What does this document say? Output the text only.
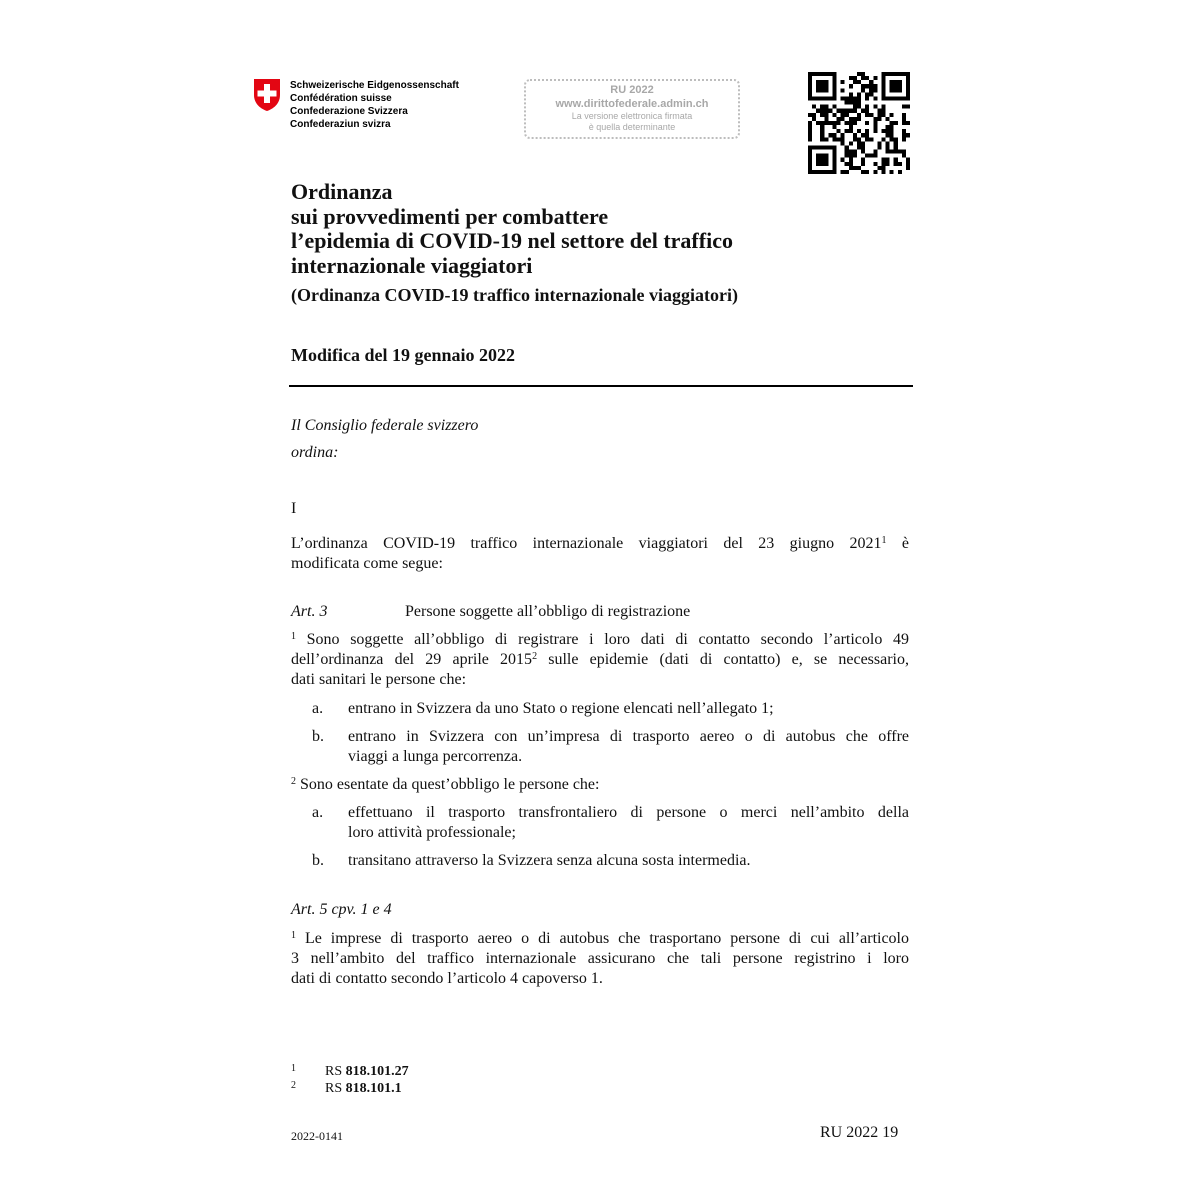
Schweizerische Eidgenossenschaft
Confédération suisse
Confederazione Svizzera
Confederaziun svizra
RU 2022
www.dirittofederale.admin.ch
La versione elettronica firmata
è quella determinante
Ordinanza
sui provvedimenti per combattere
l’epidemia di COVID-19 nel settore del traffico
internazionale viaggiatori
(Ordinanza COVID-19 traffico internazionale viaggiatori)
Modifica del 19 gennaio 2022
Il Consiglio federale svizzero
ordina:
I
L’ordinanza COVID-19 traffico internazionale viaggiatori del 23 giugno 2021$^1$ è
modificata come segue:
Art. 3	Persone soggette all’obbligo di registrazione
$^1$ Sono soggette all’obbligo di registrare i loro dati di contatto secondo l’articolo 49
dell’ordinanza del 29 aprile 2015$^2$ sulle epidemie (dati di contatto) e, se necessario,
dati sanitari le persone che:
a. entrano in Svizzera da uno Stato o regione elencati nell’allegato 1;
b. entrano in Svizzera con un’impresa di trasporto aereo o di autobus che offre
viaggi a lunga percorrenza.
$^2$ Sono esentate da quest’obbligo le persone che:
a. effettuano il trasporto transfrontaliero di persone o merci nell’ambito della
loro attività professionale;
b. transitano attraverso la Svizzera senza alcuna sosta intermedia.
Art. 5 cpv. 1 e 4
$^1$ Le imprese di trasporto aereo o di autobus che trasportano persone di cui all’articolo
3 nell’ambito del traffico internazionale assicurano che tali persone registrino i loro
dati di contatto secondo l’articolo 4 capoverso 1.
1 RS 818.101.27
2 RS 818.101.1
2022-0141	RU 2022 19
